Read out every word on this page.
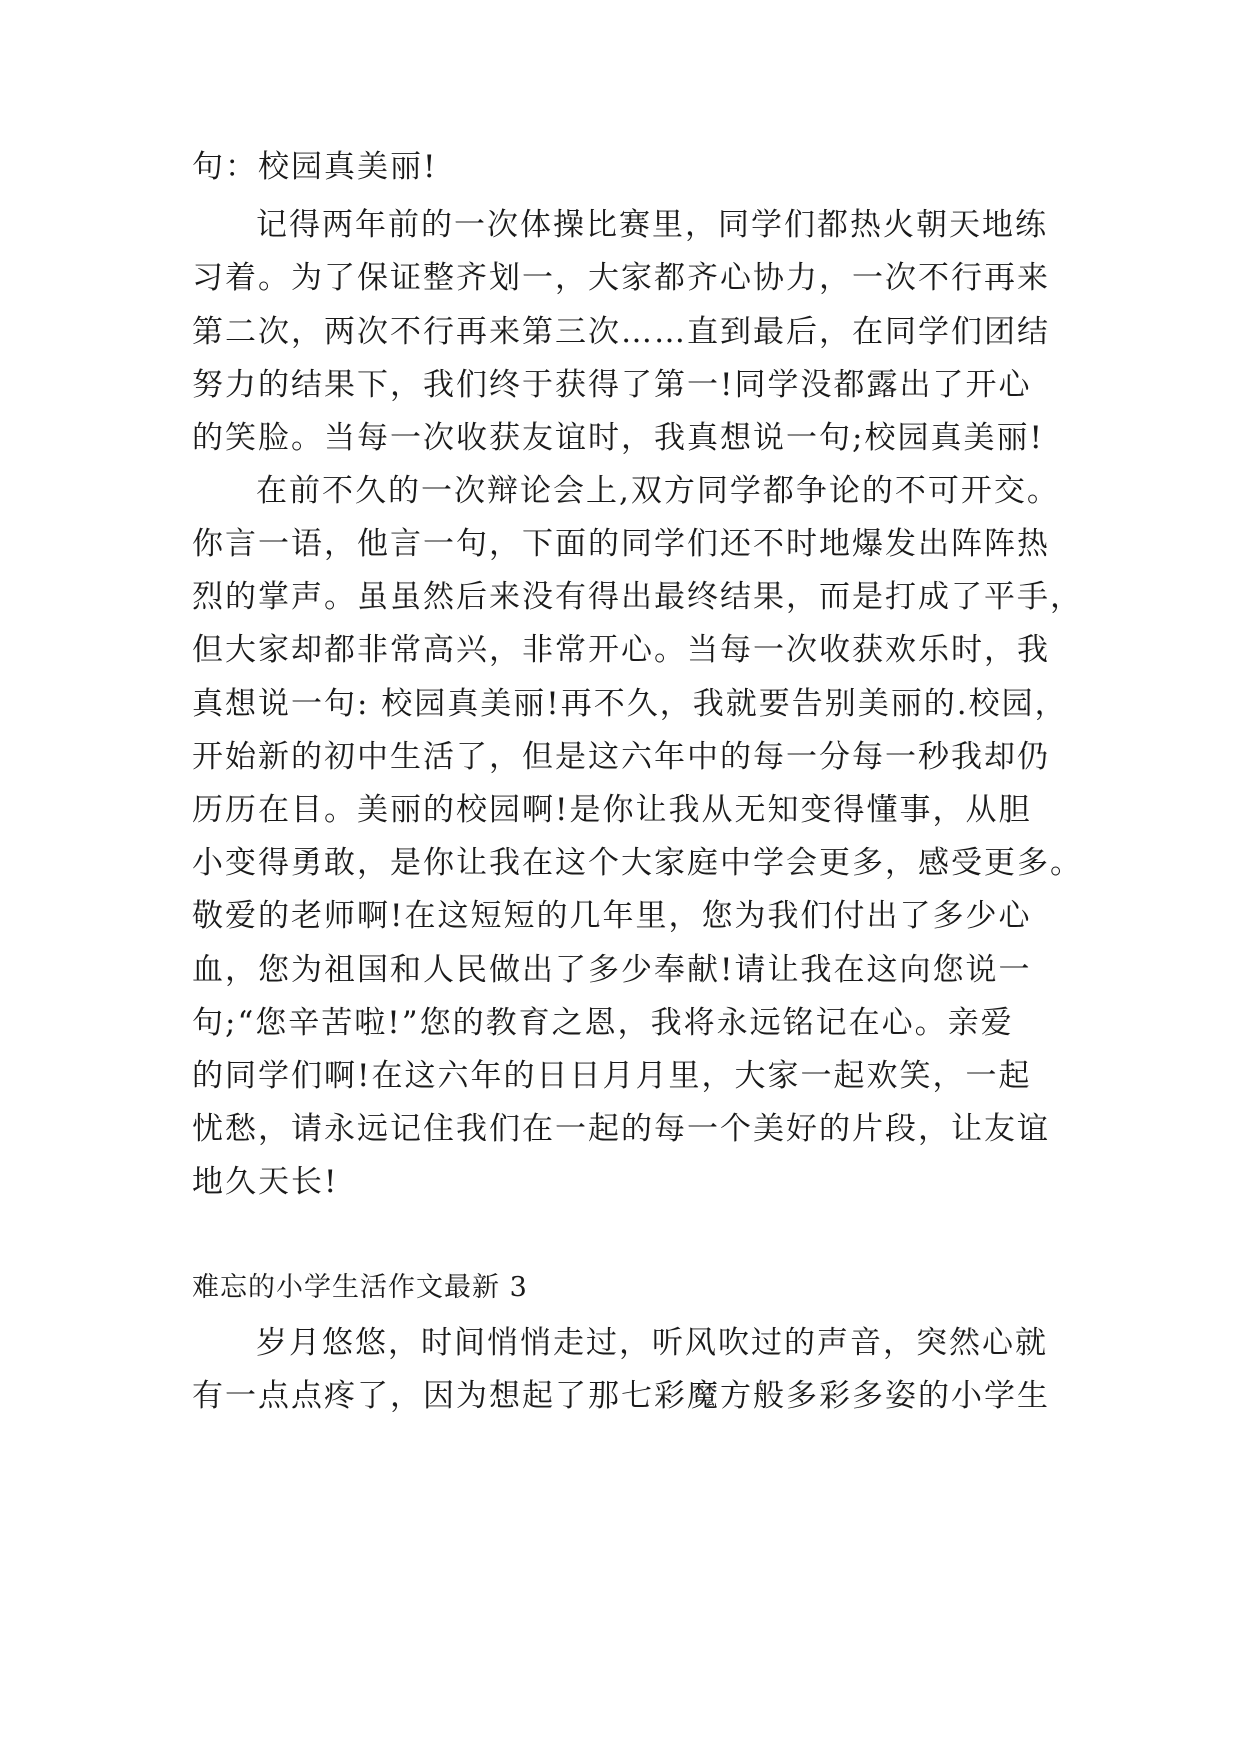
句：校园真美丽!
记得两年前的一次体操比赛里，同学们都热火朝天地练
习着。为了保证整齐划一，大家都齐心协力，一次不行再来
第二次，两次不行再来第三次……直到最后，在同学们团结
努力的结果下，我们终于获得了第一!同学没都露出了开心
的笑脸。当每一次收获友谊时，我真想说一句;校园真美丽!
在前不久的一次辩论会上,双方同学都争论的不可开交。
你言一语，他言一句，下面的同学们还不时地爆发出阵阵热
烈的掌声。虽虽然后来没有得出最终结果，而是打成了平手，
但大家却都非常高兴，非常开心。当每一次收获欢乐时，我
真想说一句: 校园真美丽!再不久，我就要告别美丽的.校园，
开始新的初中生活了，但是这六年中的每一分每一秒我却仍
历历在目。美丽的校园啊!是你让我从无知变得懂事，从胆
小变得勇敢，是你让我在这个大家庭中学会更多，感受更多。
敬爱的老师啊!在这短短的几年里，您为我们付出了多少心
血，您为祖国和人民做出了多少奉献!请让我在这向您说一
句;“您辛苦啦!”您的教育之恩，我将永远铭记在心。亲爱
的同学们啊!在这六年的日日月月里，大家一起欢笑，一起
忧愁，请永远记住我们在一起的每一个美好的片段，让友谊
地久天长!
难忘的小学生活作文最新 3
岁月悠悠，时间悄悄走过，听风吹过的声音，突然心就
有一点点疼了，因为想起了那七彩魔方般多彩多姿的小学生
